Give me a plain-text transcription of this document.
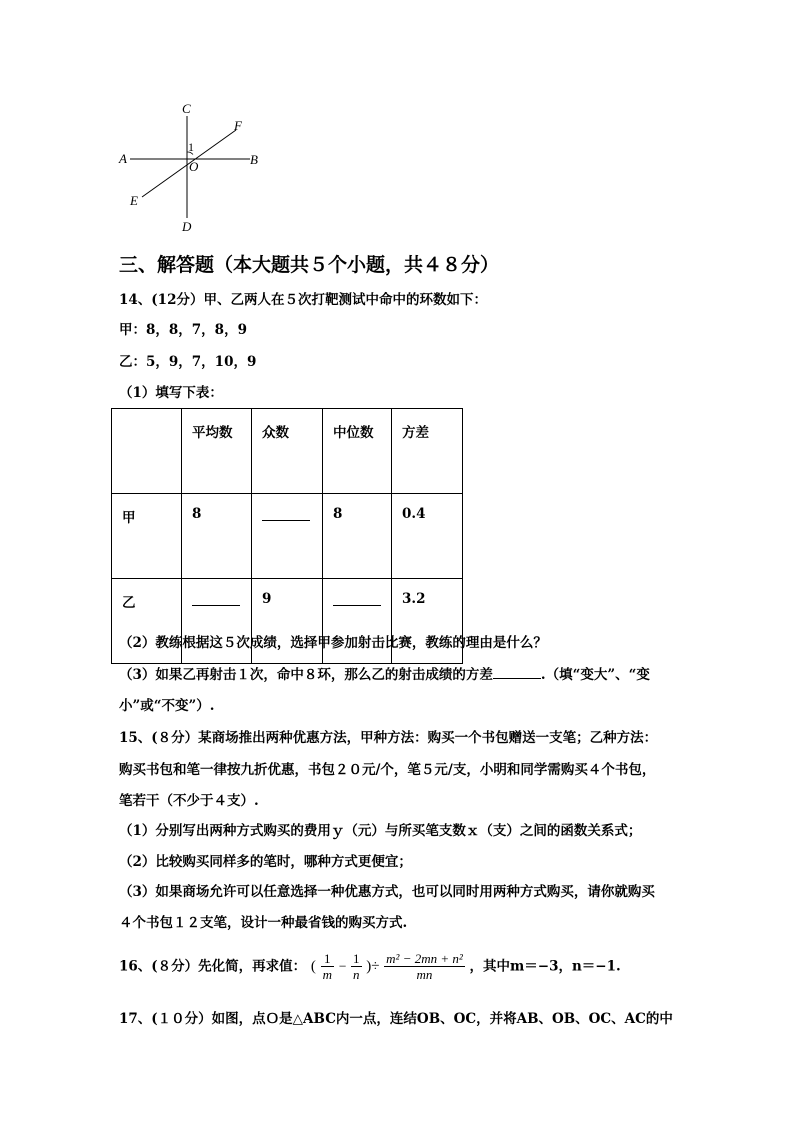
C
F
1
A
O	B
E
D
三、解答题（本大题共５个小题，共４８分）
14、(12分）甲、乙两人在５次打靶测试中命中的环数如下：
甲：8，8，7，8，9
乙：5，9，7，10，9
（1）填写下表：
	平均数	众数	中位数	方差
甲	8		8	0.4
乙		9		3.2
（2）教练根据这５次成绩，选择甲参加射击比赛，教练的理由是什么？
（3）如果乙再射击１次，命中８环，那么乙的射击成绩的方差	.（填“变大”、“变
小”或“不变”）.
15、(８分）某商场推出两种优惠方法，甲种方法：购买一个书包赠送一支笔；乙种方法：
购买书包和笔一律按九折优惠，书包２０元/个，笔５元/支，小明和同学需购买４个书包，
笔若干（不少于４支）.
（1）分别写出两种方式购买的费用ｙ（元）与所买笔支数ｘ（支）之间的函数关系式；
（2）比较购买同样多的笔时，哪种方式更便宜；
（3）如果商场允许可以任意选择一种优惠方式，也可以同时用两种方式购买，请你就购买
４个书包１２支笔，设计一种最省钱的购买方式.
16、(８分）先化简，再求值： ( $\frac{1}{m} - \frac{1}{n}$ )÷ $\frac{\text{m² − 2mn + n²}}{mn}$ ，其中m＝−3，n＝−1.
17、(１０分）如图，点Ｏ是△ABC内一点，连结OB、OC，并将AB、OB、OC、AC的中
